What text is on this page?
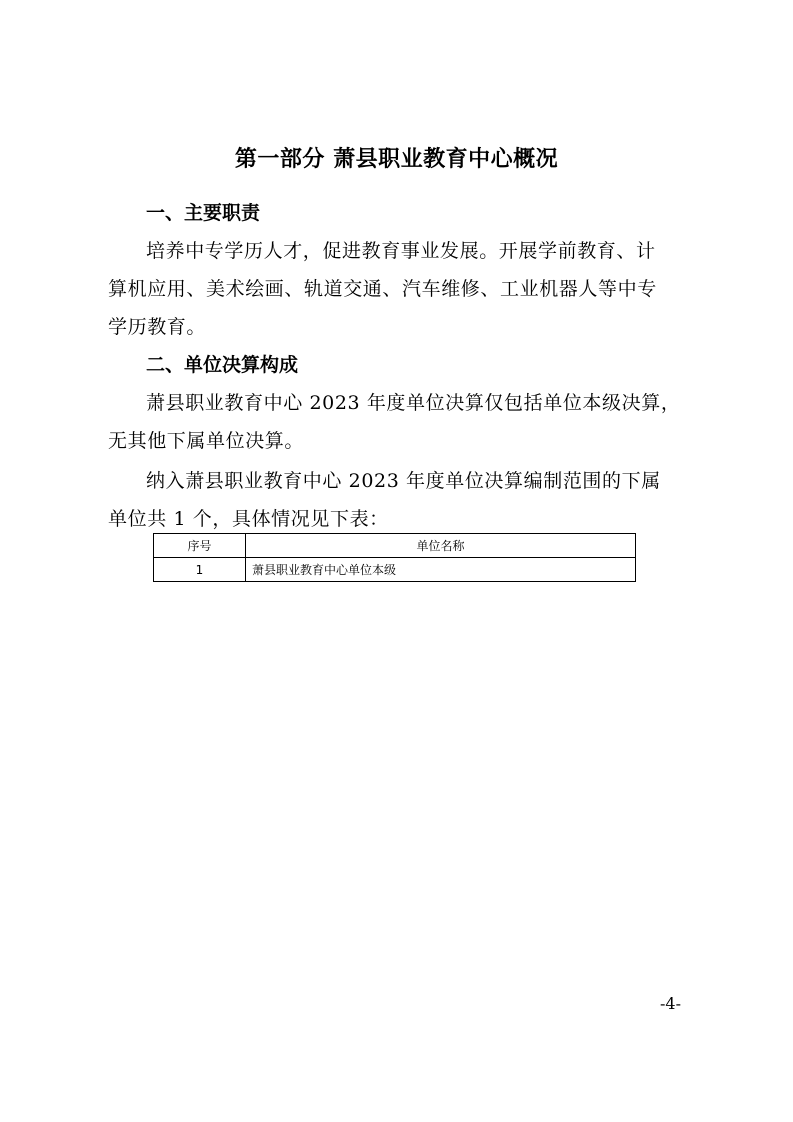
第一部分 萧县职业教育中心概况
一、主要职责
培养中专学历人才，促进教育事业发展。开展学前教育、计
算机应用、美术绘画、轨道交通、汽车维修、工业机器人等中专
学历教育。
二、单位决算构成
萧县职业教育中心 2023 年度单位决算仅包括单位本级决算，
无其他下属单位决算。
纳入萧县职业教育中心 2023 年度单位决算编制范围的下属
单位共 1 个，具体情况见下表：
序号	单位名称
1	萧县职业教育中心单位本级
-4-
